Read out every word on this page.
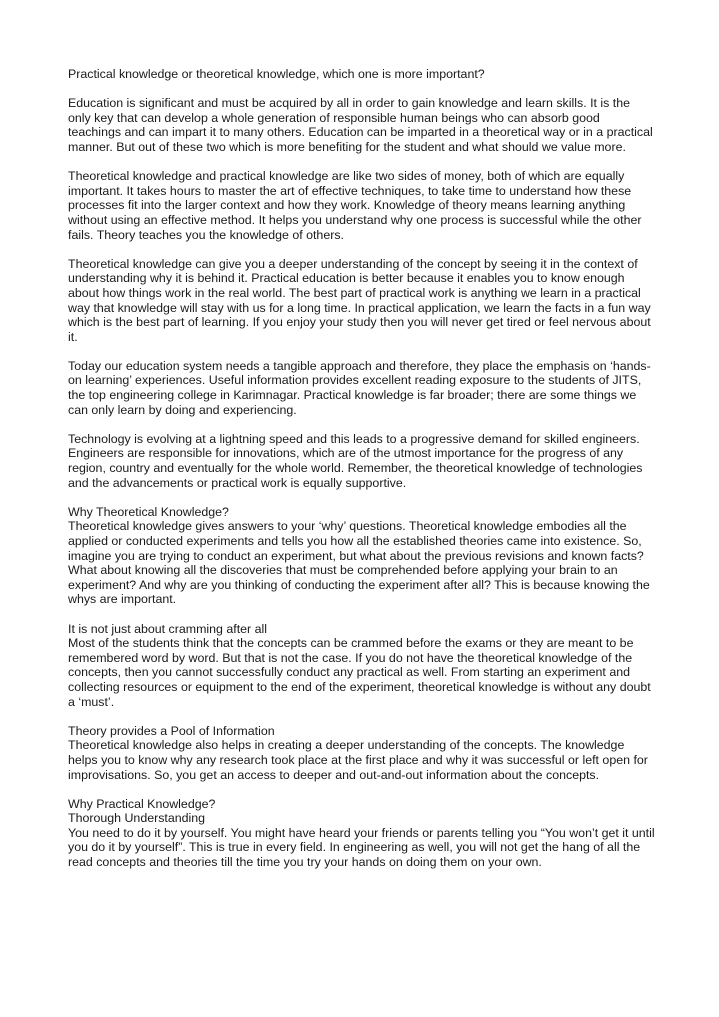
Practical knowledge or theoretical knowledge, which one is more important?

Education is significant and must be acquired by all in order to gain knowledge and learn skills. It is the only key that can develop a whole generation of responsible human beings who can absorb good teachings and can impart it to many others. Education can be imparted in a theoretical way or in a practical manner. But out of these two which is more benefiting for the student and what should we value more.

Theoretical knowledge and practical knowledge are like two sides of money, both of which are equally important. It takes hours to master the art of effective techniques, to take time to understand how these processes fit into the larger context and how they work. Knowledge of theory means learning anything without using an effective method. It helps you understand why one process is successful while the other fails. Theory teaches you the knowledge of others.

Theoretical knowledge can give you a deeper understanding of the concept by seeing it in the context of understanding why it is behind it. Practical education is better because it enables you to know enough about how things work in the real world. The best part of practical work is anything we learn in a practical way that knowledge will stay with us for a long time. In practical application, we learn the facts in a fun way which is the best part of learning. If you enjoy your study then you will never get tired or feel nervous about it.

Today our education system needs a tangible approach and therefore, they place the emphasis on ‘hands-on learning’ experiences. Useful information provides excellent reading exposure to the students of JITS, the top engineering college in Karimnagar. Practical knowledge is far broader; there are some things we can only learn by doing and experiencing.

Technology is evolving at a lightning speed and this leads to a progressive demand for skilled engineers. Engineers are responsible for innovations, which are of the utmost importance for the progress of any region, country and eventually for the whole world. Remember, the theoretical knowledge of technologies and the advancements or practical work is equally supportive.

Why Theoretical Knowledge?
Theoretical knowledge gives answers to your ‘why’ questions. Theoretical knowledge embodies all the applied or conducted experiments and tells you how all the established theories came into existence. So, imagine you are trying to conduct an experiment, but what about the previous revisions and known facts? What about knowing all the discoveries that must be comprehended before applying your brain to an experiment? And why are you thinking of conducting the experiment after all? This is because knowing the whys are important.

It is not just about cramming after all
Most of the students think that the concepts can be crammed before the exams or they are meant to be remembered word by word. But that is not the case. If you do not have the theoretical knowledge of the concepts, then you cannot successfully conduct any practical as well. From starting an experiment and collecting resources or equipment to the end of the experiment, theoretical knowledge is without any doubt a ‘must’.

Theory provides a Pool of Information
Theoretical knowledge also helps in creating a deeper understanding of the concepts. The knowledge helps you to know why any research took place at the first place and why it was successful or left open for improvisations. So, you get an access to deeper and out-and-out information about the concepts.

Why Practical Knowledge?
Thorough Understanding
You need to do it by yourself. You might have heard your friends or parents telling you “You won’t get it until you do it by yourself”. This is true in every field. In engineering as well, you will not get the hang of all the read concepts and theories till the time you try your hands on doing them on your own.
